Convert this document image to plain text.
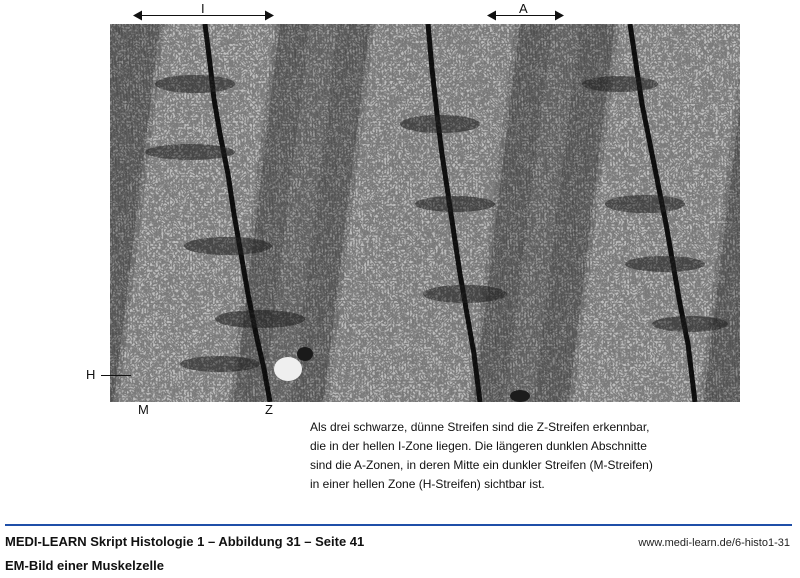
I	A
H
M	Z
Als drei schwarze, dünne Streifen sind die Z-Streifen erkennbar,
die in der hellen I-Zone liegen. Die längeren dunklen Abschnitte
sind die A-Zonen, in deren Mitte ein dunkler Streifen (M-Streifen)
in einer hellen Zone (H-Streifen) sichtbar ist.
MEDI-LEARN Skript Histologie 1 – Abbildung 31 – Seite 41	www.medi-learn.de/6-histo1-31
EM-Bild einer Muskelzelle
